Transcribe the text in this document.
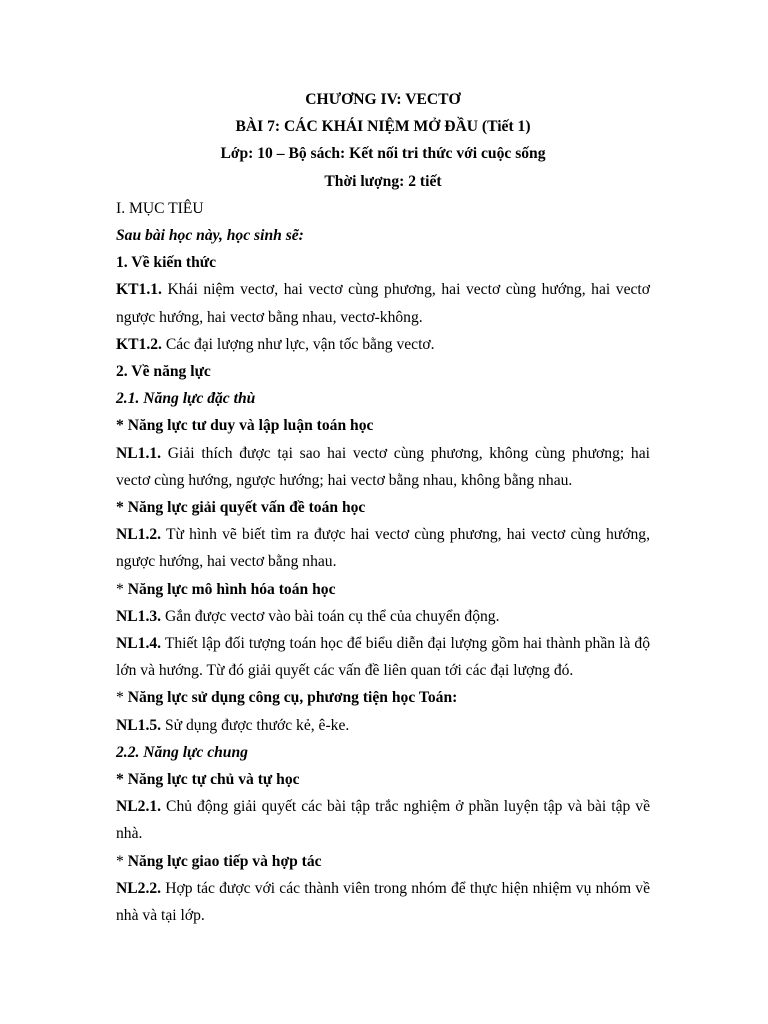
CHƯƠNG IV: VECTƠ

BÀI 7: CÁC KHÁI NIỆM MỞ ĐẦU (Tiết 1)

Lớp: 10 – Bộ sách: Kết nối tri thức với cuộc sống

Thời lượng: 2 tiết

I. MỤC TIÊU

Sau bài học này, học sinh sẽ:

1. Về kiến thức

KT1.1. Khái niệm vectơ, hai vectơ cùng phương, hai vectơ cùng hướng, hai vectơ ngược hướng, hai vectơ bằng nhau, vectơ-không.

KT1.2. Các đại lượng như lực, vận tốc bằng vectơ.

2. Về năng lực

2.1. Năng lực đặc thù

* Năng lực tư duy và lập luận toán học

NL1.1. Giải thích được tại sao hai vectơ cùng phương, không cùng phương; hai vectơ cùng hướng, ngược hướng; hai vectơ bằng nhau, không bằng nhau.

* Năng lực giải quyết vấn đề toán học

NL1.2. Từ hình vẽ biết tìm ra được hai vectơ cùng phương, hai vectơ cùng hướng, ngược hướng, hai vectơ bằng nhau.

* Năng lực mô hình hóa toán học

NL1.3. Gắn được vectơ vào bài toán cụ thể của chuyển động.

NL1.4. Thiết lập đối tượng toán học để biểu diễn đại lượng gồm hai thành phần là độ lớn và hướng. Từ đó giải quyết các vấn đề liên quan tới các đại lượng đó.

* Năng lực sử dụng công cụ, phương tiện học Toán:

NL1.5. Sử dụng được thước kẻ, ê-ke.

2.2. Năng lực chung

* Năng lực tự chủ và tự học

NL2.1. Chủ động giải quyết các bài tập trắc nghiệm ở phần luyện tập và bài tập về nhà.

* Năng lực giao tiếp và hợp tác

NL2.2. Hợp tác được với các thành viên trong nhóm để thực hiện nhiệm vụ nhóm về nhà và tại lớp.
